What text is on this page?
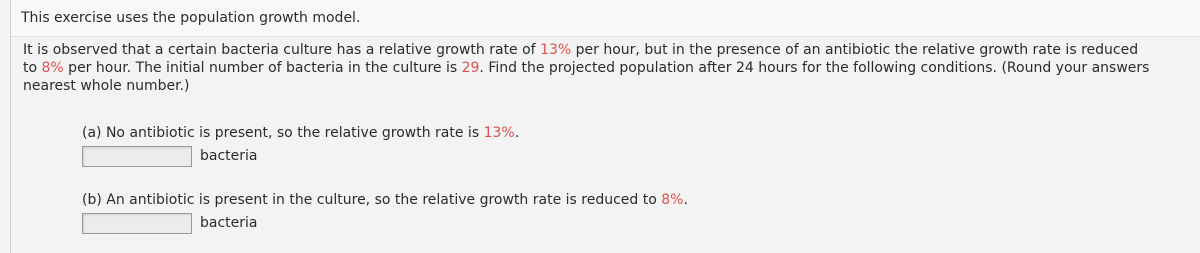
This exercise uses the population growth model.

It is observed that a certain bacteria culture has a relative growth rate of 13% per hour, but in the presence of an antibiotic the relative growth rate is reduced
to 8% per hour. The initial number of bacteria in the culture is 29. Find the projected population after 24 hours for the following conditions. (Round your answers
nearest whole number.)

(a) No antibiotic is present, so the relative growth rate is 13%.
bacteria
(b) An antibiotic is present in the culture, so the relative growth rate is reduced to 8%.
bacteria
